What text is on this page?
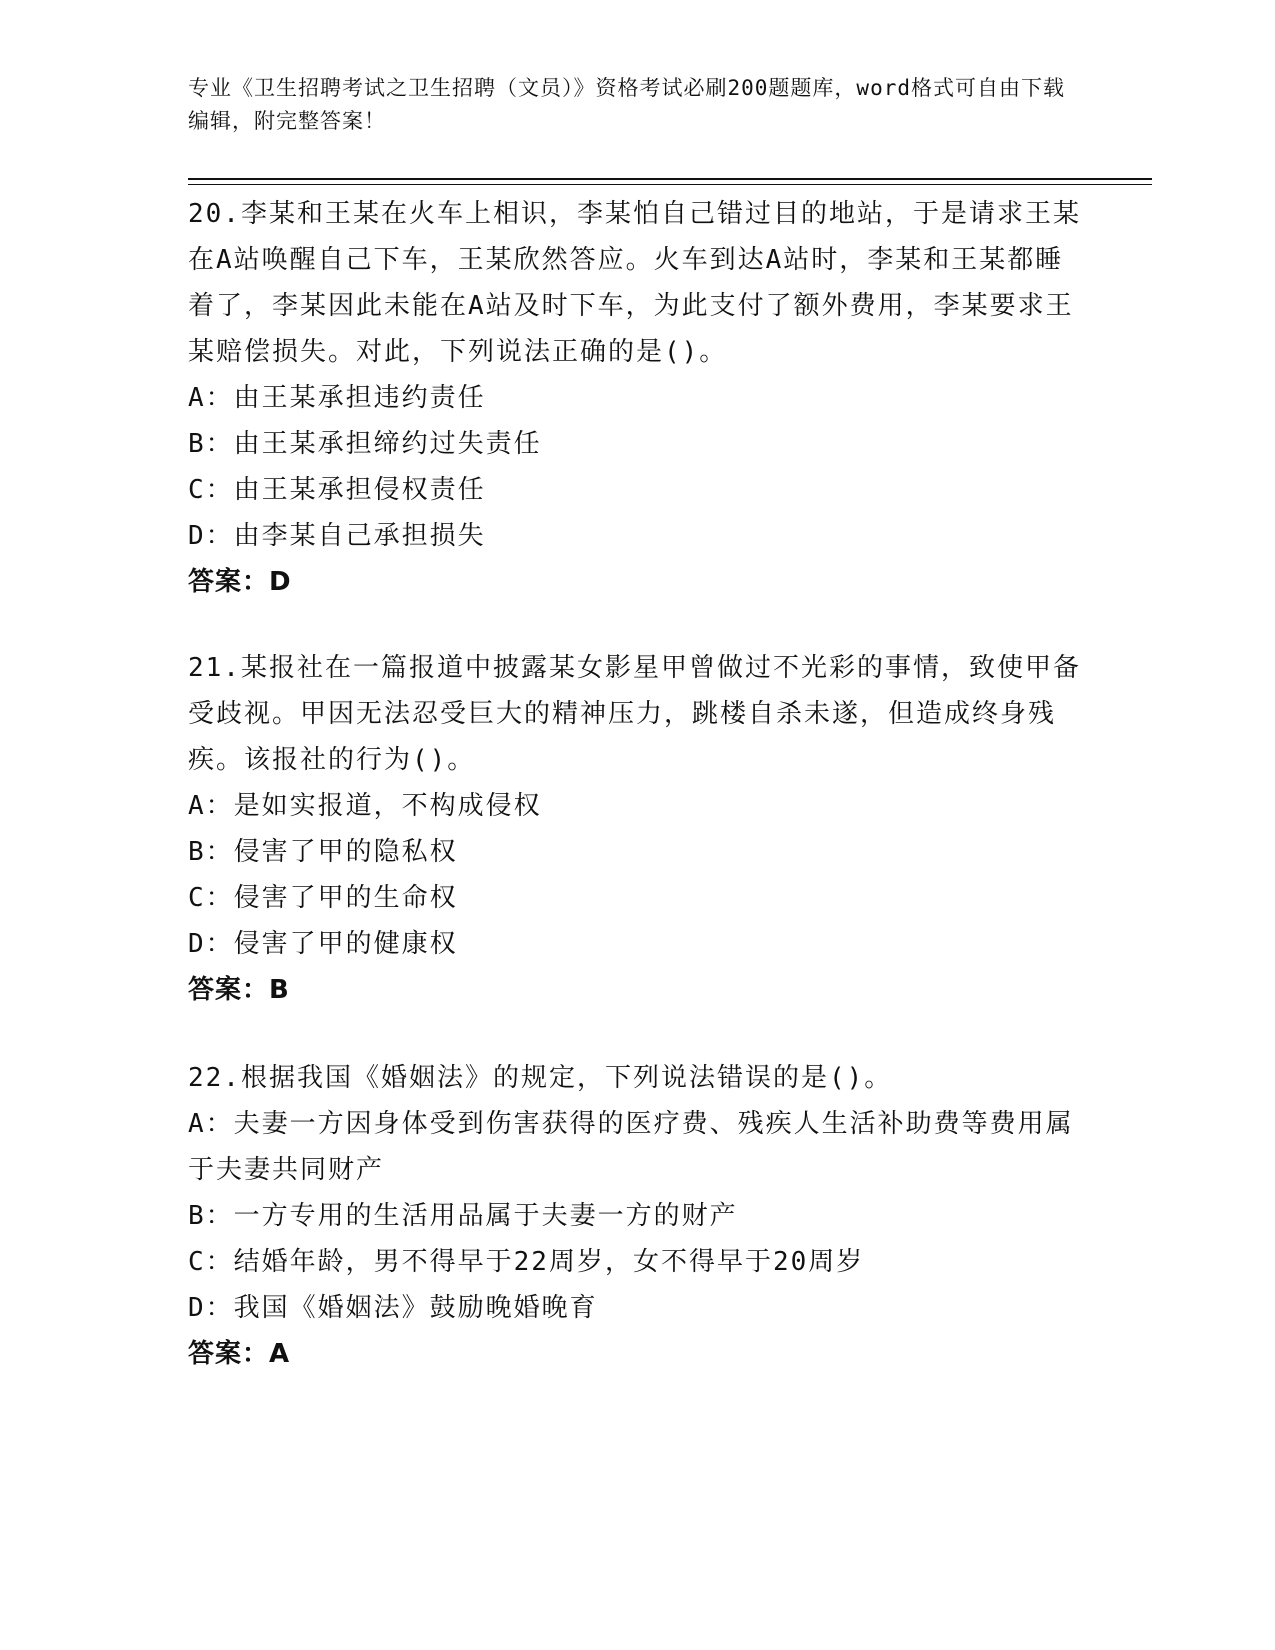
专业《卫生招聘考试之卫生招聘（文员）》资格考试必刷200题题库，word格式可自由下载编辑，附完整答案！
20.李某和王某在火车上相识，李某怕自己错过目的地站，于是请求王某在A站唤醒自己下车，王某欣然答应。火车到达A站时，李某和王某都睡着了，李某因此未能在A站及时下车，为此支付了额外费用，李某要求王某赔偿损失。对此，下列说法正确的是()。
A：由王某承担违约责任
B：由王某承担缔约过失责任
C：由王某承担侵权责任
D：由李某自己承担损失
答案：D
21.某报社在一篇报道中披露某女影星甲曾做过不光彩的事情，致使甲备受歧视。甲因无法忍受巨大的精神压力，跳楼自杀未遂，但造成终身残疾。该报社的行为()。
A：是如实报道，不构成侵权
B：侵害了甲的隐私权
C：侵害了甲的生命权
D：侵害了甲的健康权
答案：B
22.根据我国《婚姻法》的规定，下列说法错误的是()。
A：夫妻一方因身体受到伤害获得的医疗费、残疾人生活补助费等费用属于夫妻共同财产
B：一方专用的生活用品属于夫妻一方的财产
C：结婚年龄，男不得早于22周岁，女不得早于20周岁
D：我国《婚姻法》鼓励晚婚晚育
答案：A
